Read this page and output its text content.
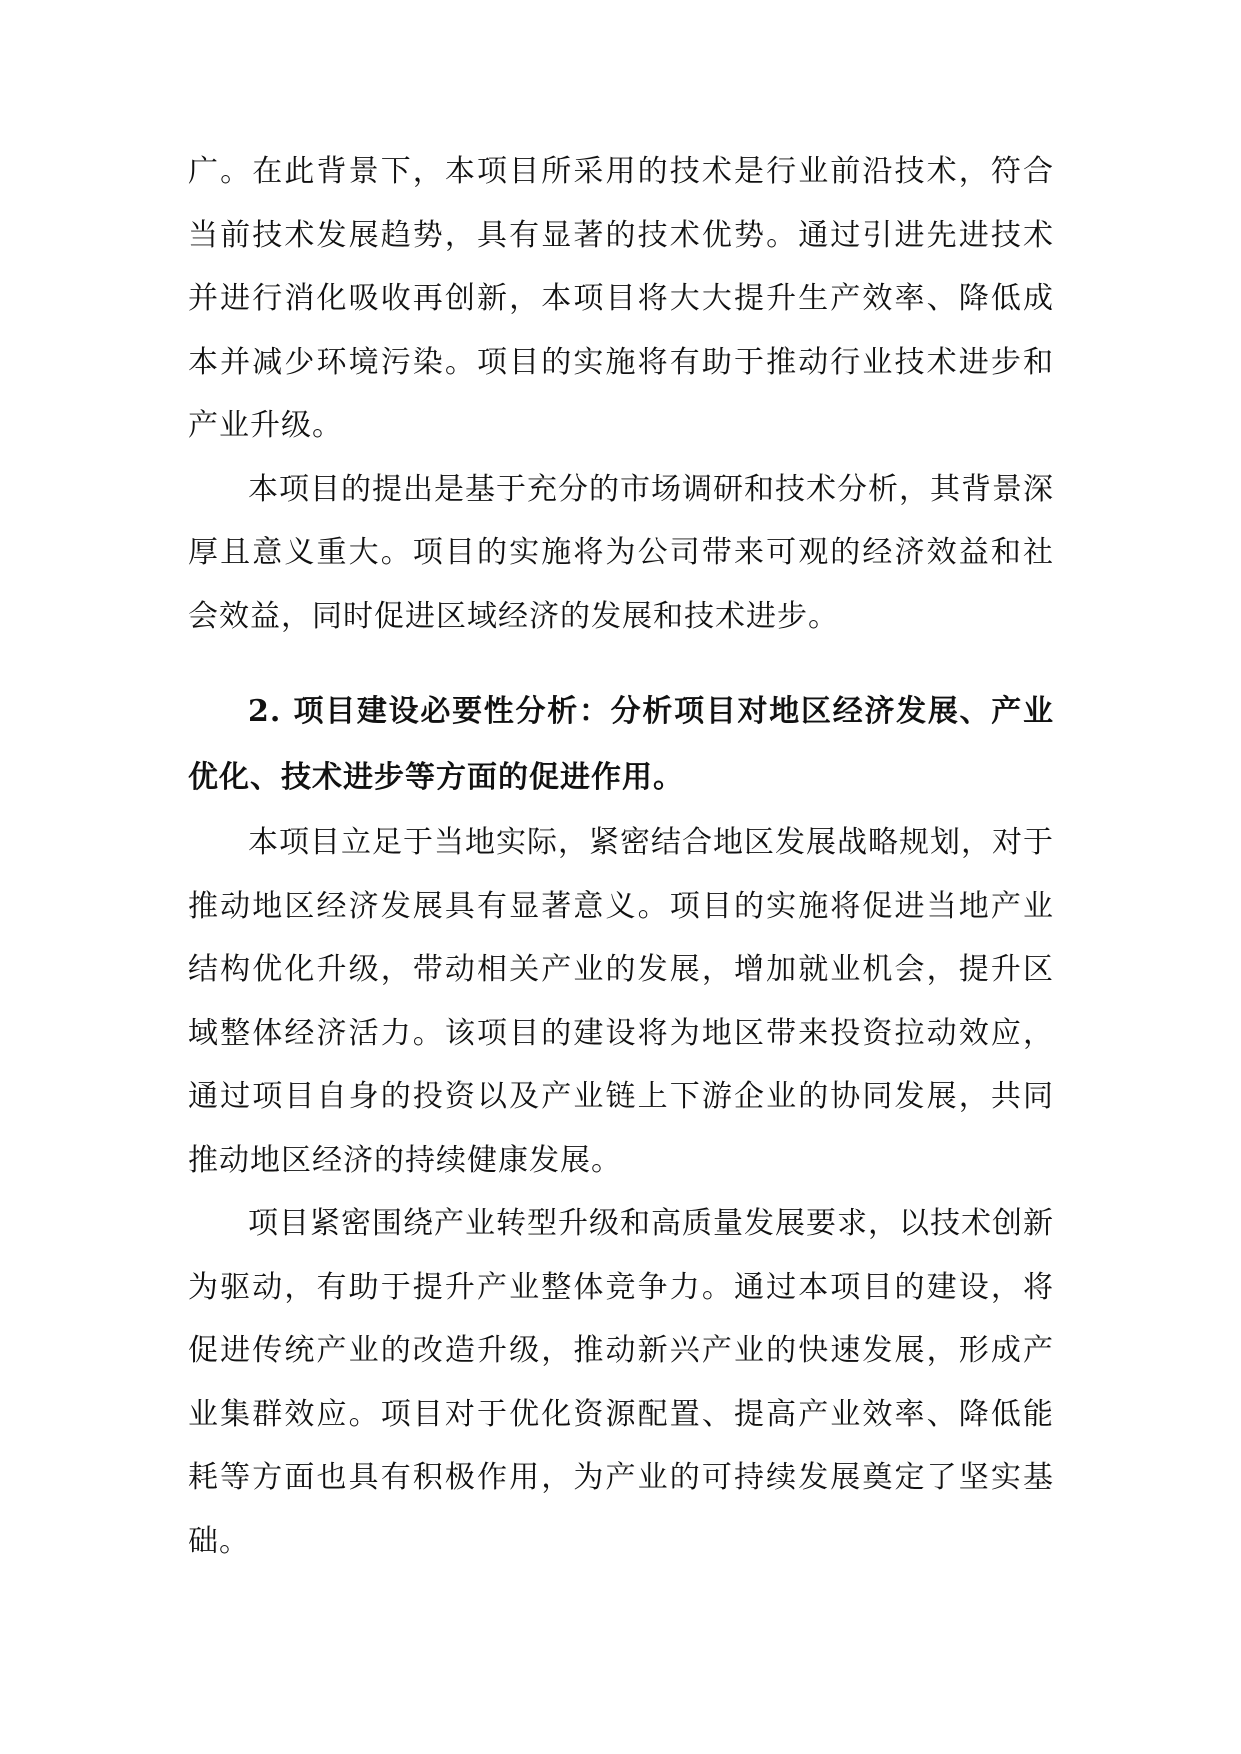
广。在此背景下，本项目所采用的技术是行业前沿技术，符合当前技术发展趋势，具有显著的技术优势。通过引进先进技术并进行消化吸收再创新，本项目将大大提升生产效率、降低成本并减少环境污染。项目的实施将有助于推动行业技术进步和产业升级。

本项目的提出是基于充分的市场调研和技术分析，其背景深厚且意义重大。项目的实施将为公司带来可观的经济效益和社会效益，同时促进区域经济的发展和技术进步。

2. 项目建设必要性分析：分析项目对地区经济发展、产业优化、技术进步等方面的促进作用。

本项目立足于当地实际，紧密结合地区发展战略规划，对于推动地区经济发展具有显著意义。项目的实施将促进当地产业结构优化升级，带动相关产业的发展，增加就业机会，提升区域整体经济活力。该项目的建设将为地区带来投资拉动效应，通过项目自身的投资以及产业链上下游企业的协同发展，共同推动地区经济的持续健康发展。

项目紧密围绕产业转型升级和高质量发展要求，以技术创新为驱动，有助于提升产业整体竞争力。通过本项目的建设，将促进传统产业的改造升级，推动新兴产业的快速发展，形成产业集群效应。项目对于优化资源配置、提高产业效率、降低能耗等方面也具有积极作用，为产业的可持续发展奠定了坚实基础。
